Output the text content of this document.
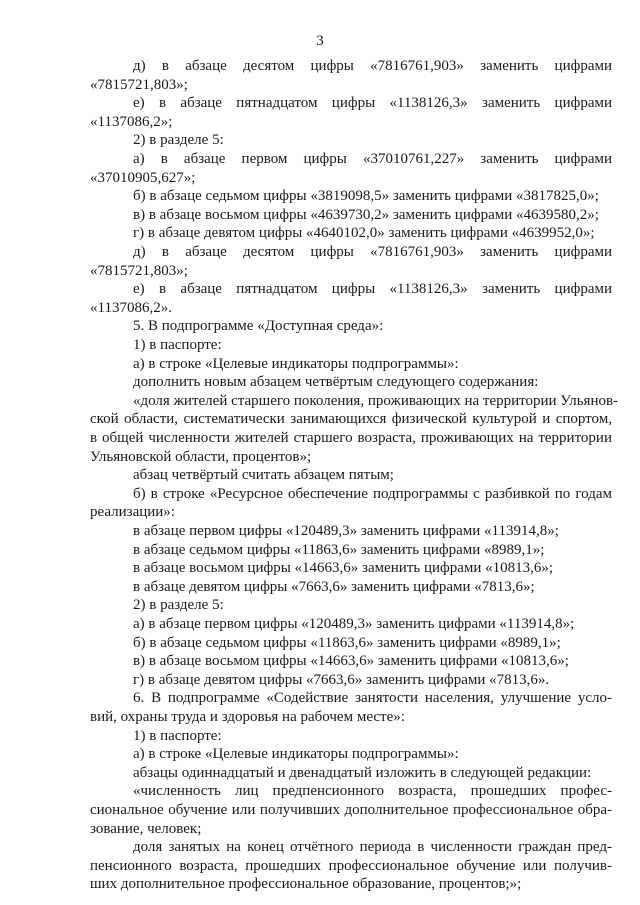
3
д) в абзаце десятом цифры «7816761,903» заменить цифрами
«7815721,803»;
е) в абзаце пятнадцатом цифры «1138126,3» заменить цифрами
«1137086,2»;
2) в разделе 5:
а) в абзаце первом цифры «37010761,227» заменить цифрами
«37010905,627»;
б) в абзаце седьмом цифры «3819098,5» заменить цифрами «3817825,0»;
в) в абзаце восьмом цифры «4639730,2» заменить цифрами «4639580,2»;
г) в абзаце девятом цифры «4640102,0» заменить цифрами «4639952,0»;
д) в абзаце десятом цифры «7816761,903» заменить цифрами
«7815721,803»;
е) в абзаце пятнадцатом цифры «1138126,3» заменить цифрами
«1137086,2».
5. В подпрограмме «Доступная среда»:
1) в паспорте:
а) в строке «Целевые индикаторы подпрограммы»:
дополнить новым абзацем четвёртым следующего содержания:
«доля жителей старшего поколения, проживающих на территории Ульянов-
ской области, систематически занимающихся физической культурой и спортом,
в общей численности жителей старшего возраста, проживающих на территории
Ульяновской области, процентов»;
абзац четвёртый считать абзацем пятым;
б) в строке «Ресурсное обеспечение подпрограммы с разбивкой по годам
реализации»:
в абзаце первом цифры «120489,3» заменить цифрами «113914,8»;
в абзаце седьмом цифры «11863,6» заменить цифрами «8989,1»;
в абзаце восьмом цифры «14663,6» заменить цифрами «10813,6»;
в абзаце девятом цифры «7663,6» заменить цифрами «7813,6»;
2) в разделе 5:
а) в абзаце первом цифры «120489,3» заменить цифрами «113914,8»;
б) в абзаце седьмом цифры «11863,6» заменить цифрами «8989,1»;
в) в абзаце восьмом цифры «14663,6» заменить цифрами «10813,6»;
г) в абзаце девятом цифры «7663,6» заменить цифрами «7813,6».
6. В подпрограмме «Содействие занятости населения, улучшение усло-
вий, охраны труда и здоровья на рабочем месте»:
1) в паспорте:
а) в строке «Целевые индикаторы подпрограммы»:
абзацы одиннадцатый и двенадцатый изложить в следующей редакции:
«численность лиц предпенсионного возраста, прошедших профес-
сиональное обучение или получивших дополнительное профессиональное обра-
зование, человек;
доля занятых на конец отчётного периода в численности граждан пред-
пенсионного возраста, прошедших профессиональное обучение или получив-
ших дополнительное профессиональное образование, процентов;»;
